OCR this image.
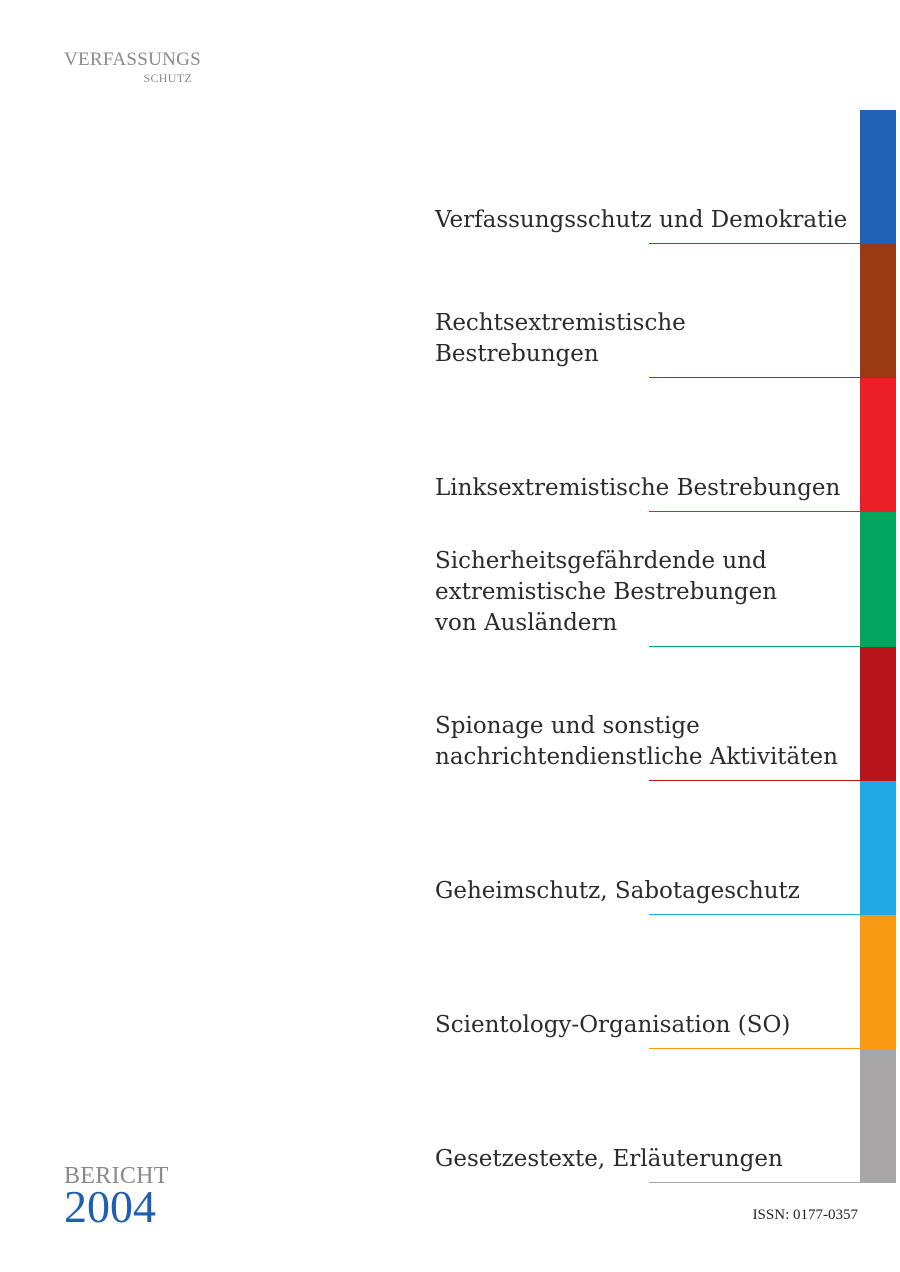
VERFASSUNGS
SCHUTZ
Verfassungsschutz und Demokratie
Rechtsextremistische Bestrebungen
Linksextremistische Bestrebungen
Sicherheitsgefährdende und
extremistische Bestrebungen
von Ausländern
Spionage und sonstige
nachrichtendienstliche Aktivitäten
Geheimschutz, Sabotageschutz
Scientology-Organisation (SO)
Gesetzestexte, Erläuterungen
BERICHT
2004	ISSN: 0177-0357
